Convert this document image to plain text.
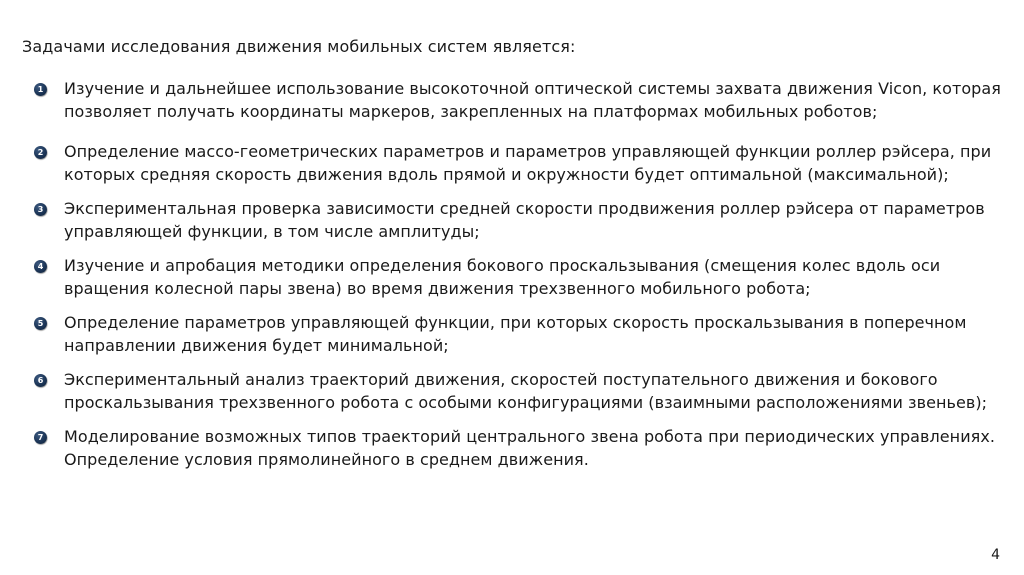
Задачами исследования движения мобильных систем является:
1 Изучение и дальнейшее использование высокоточной оптической системы захвата движения Vicon, которая позволяет получать координаты маркеров, закрепленных на платформах мобильных роботов;
2 Определение массо-геометрических параметров и параметров управляющей функции роллер рэйсера, при которых средняя скорость движения вдоль прямой и окружности будет оптимальной (максимальной);
3 Экспериментальная проверка зависимости средней скорости продвижения роллер рэйсера от параметров управляющей функции, в том числе амплитуды;
4 Изучение и апробация методики определения бокового проскальзывания (смещения колес вдоль оси вращения колесной пары звена) во время движения трехзвенного мобильного робота;
5 Определение параметров управляющей функции, при которых скорость проскальзывания в поперечном направлении движения будет минимальной;
6 Экспериментальный анализ траекторий движения, скоростей поступательного движения и бокового проскальзывания трехзвенного робота с особыми конфигурациями (взаимными расположениями звеньев);
7 Моделирование возможных типов траекторий центрального звена робота при периодических управлениях. Определение условия прямолинейного в среднем движения.
4
